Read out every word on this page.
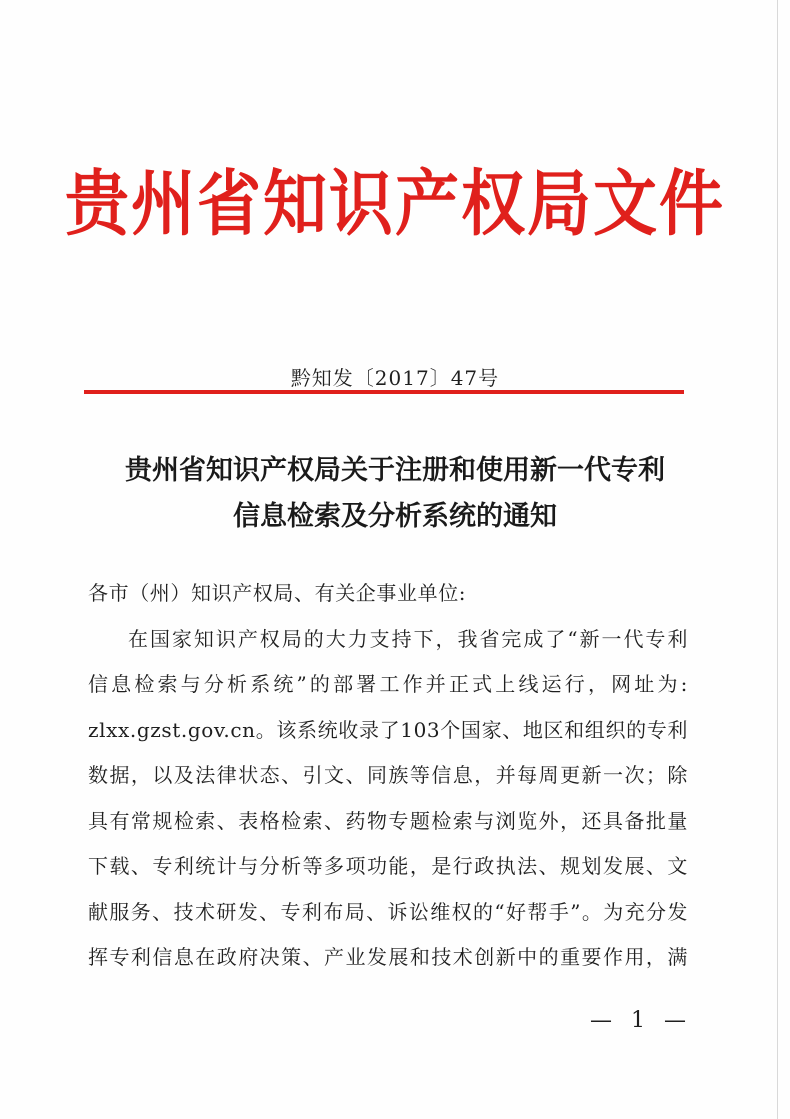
贵州省知识产权局文件
黔知发〔2017〕47号
贵州省知识产权局关于注册和使用新一代专利
信息检索及分析系统的通知
各市（州）知识产权局、有关企事业单位:
在国家知识产权局的大力支持下，我省完成了“新一代专利
信息检索与分析系统”的部署工作并正式上线运行，网址为:
zlxx.gzst.gov.cn。该系统收录了103个国家、地区和组织的专利
数据，以及法律状态、引文、同族等信息，并每周更新一次；除
具有常规检索、表格检索、药物专题检索与浏览外，还具备批量
下载、专利统计与分析等多项功能，是行政执法、规划发展、文
献服务、技术研发、专利布局、诉讼维权的“好帮手”。为充分发
挥专利信息在政府决策、产业发展和技术创新中的重要作用，满
— 1 —
